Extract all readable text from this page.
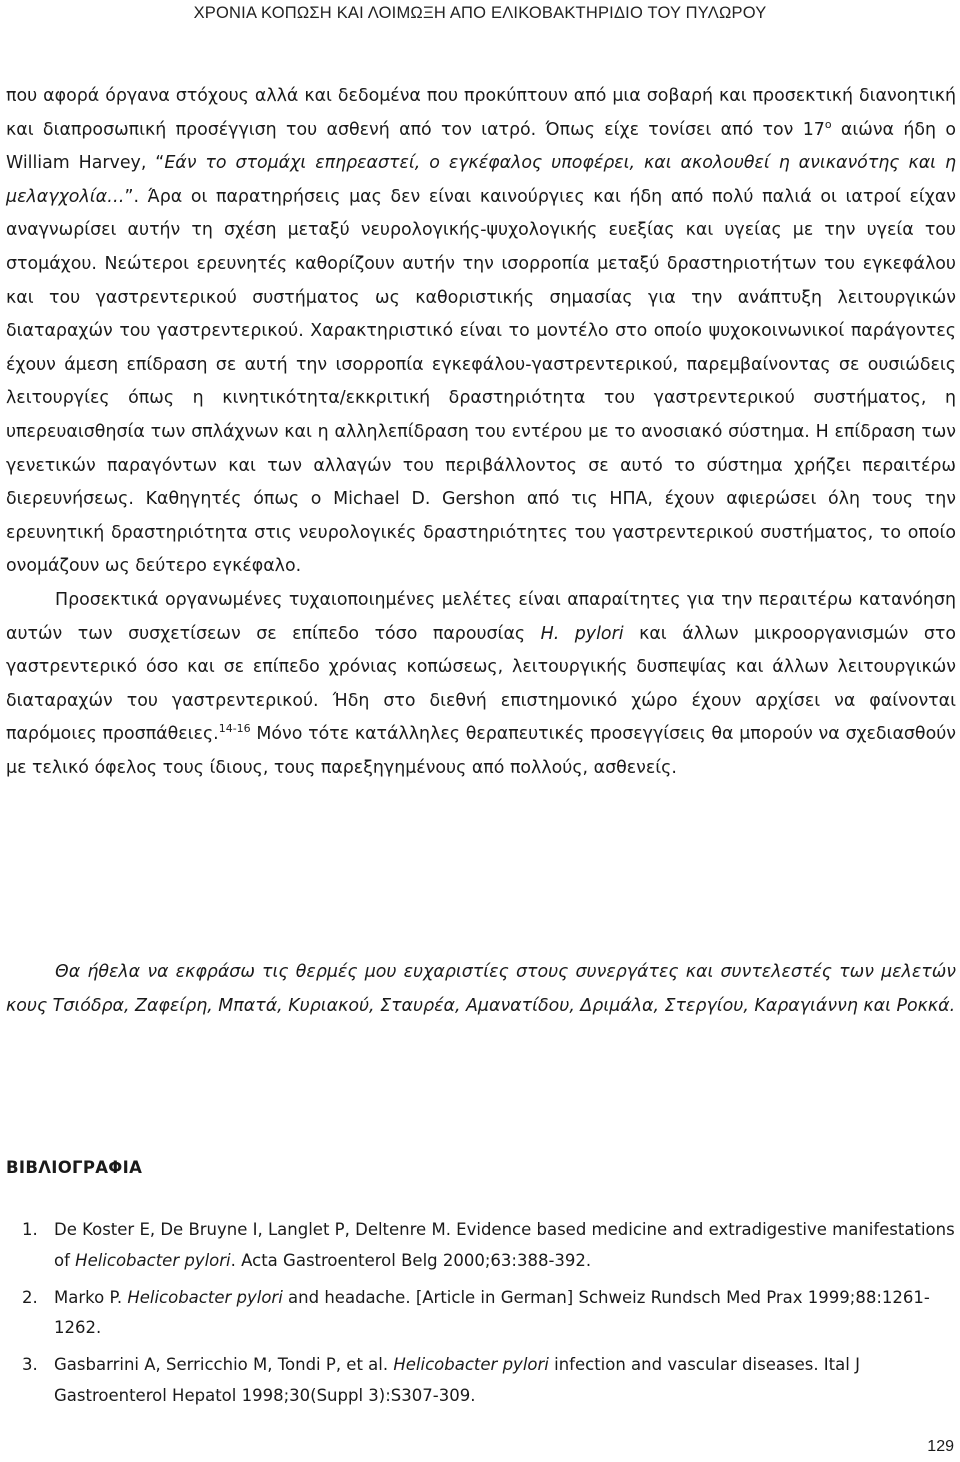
ΧΡΟΝΙΑ ΚΟΠΩΣΗ ΚΑΙ ΛΟΙΜΩΞΗ ΑΠΟ ΕΛΙΚΟΒΑΚΤΗΡΙΔΙΟ ΤΟΥ ΠΥΛΩΡΟΥ

που αφορά όργανα στόχους αλλά και δεδομένα που προκύπτουν από μια σοβαρή και προσεκτική διανοητική και διαπροσωπική προσέγγιση του ασθενή από τον ιατρό. Όπως είχε τονίσει από τον $17^o$ αιώνα ήδη ο William Harvey, “Εάν το στομάχι επηρεαστεί, ο εγκέφαλος υποφέρει, και ακολουθεί η ανικανότης και η μελαγχολία…”. Άρα οι παρατηρήσεις μας δεν είναι καινούργιες και ήδη από πολύ παλιά οι ιατροί είχαν αναγνωρίσει αυτήν τη σχέση μεταξύ νευρολογικής-ψυχολογικής ευεξίας και υγείας με την υγεία του στομάχου. Νεώτεροι ερευνητές καθορίζουν αυτήν την ισορροπία μεταξύ δραστηριοτήτων του εγκεφάλου και του γαστρεντερικού συστήματος ως καθοριστικής σημασίας για την ανάπτυξη λειτουργικών διαταραχών του γαστρεντερικού. Χαρακτηριστικό είναι το μοντέλο στο οποίο ψυχοκοινωνικοί παράγοντες έχουν άμεση επίδραση σε αυτή την ισορροπία εγκεφάλου-γαστρεντερικού, παρεμβαίνοντας σε ουσιώδεις λειτουργίες όπως η κινητικότητα/εκκριτική δραστηριότητα του γαστρεντερικού συστήματος, η υπερευαισθησία των σπλάχνων και η αλληλεπίδραση του εντέρου με το ανοσιακό σύστημα. Η επίδραση των γενετικών παραγόντων και των αλλαγών του περιβάλλοντος σε αυτό το σύστημα χρήζει περαιτέρω διερευνήσεως. Καθηγητές όπως ο Michael D. Gershon από τις ΗΠΑ, έχουν αφιερώσει όλη τους την ερευνητική δραστηριότητα στις νευρολογικές δραστηριότητες του γαστρεντερικού συστήματος, το οποίο ονομάζουν ως δεύτερο εγκέφαλο.

Προσεκτικά οργανωμένες τυχαιοποιημένες μελέτες είναι απαραίτητες για την περαιτέρω κατανόηση αυτών των συσχετίσεων σε επίπεδο τόσο παρουσίας H. pylori και άλλων μικροοργανισμών στο γαστρεντερικό όσο και σε επίπεδο χρόνιας κοπώσεως, λειτουργικής δυσπεψίας και άλλων λειτουργικών διαταραχών του γαστρεντερικού. Ήδη στο διεθνή επιστημονικό χώρο έχουν αρχίσει να φαίνονται παρόμοιες προσπάθειες.$^{14-16}$ Μόνο τότε κατάλληλες θεραπευτικές προσεγγίσεις θα μπορούν να σχεδιασθούν με τελικό όφελος τους ίδιους, τους παρεξηγημένους από πολλούς, ασθενείς.

Θα ήθελα να εκφράσω τις θερμές μου ευχαριστίες στους συνεργάτες και συντελεστές των μελετών κους Τσιόδρα, Ζαφείρη, Μπατά, Κυριακού, Σταυρέα, Αμανατίδου, Δριμάλα, Στεργίου, Καραγιάννη και Ροκκά.

ΒΙΒΛΙΟΓΡΑΦΙΑ
1. De Koster E, De Bruyne I, Langlet P, Deltenre M. Evidence based medicine and extradigestive manifestations of Helicobacter pylori. Acta Gastroenterol Belg 2000;63:388-392.
2. Marko P. Helicobacter pylori and headache. [Article in German] Schweiz Rundsch Med Prax 1999;88:1261-1262.
3. Gasbarrini A, Serricchio M, Tondi P, et al. Helicobacter pylori infection and vascular diseases. Ital J Gastroenterol Hepatol 1998;30(Suppl 3):S307-309.
129
